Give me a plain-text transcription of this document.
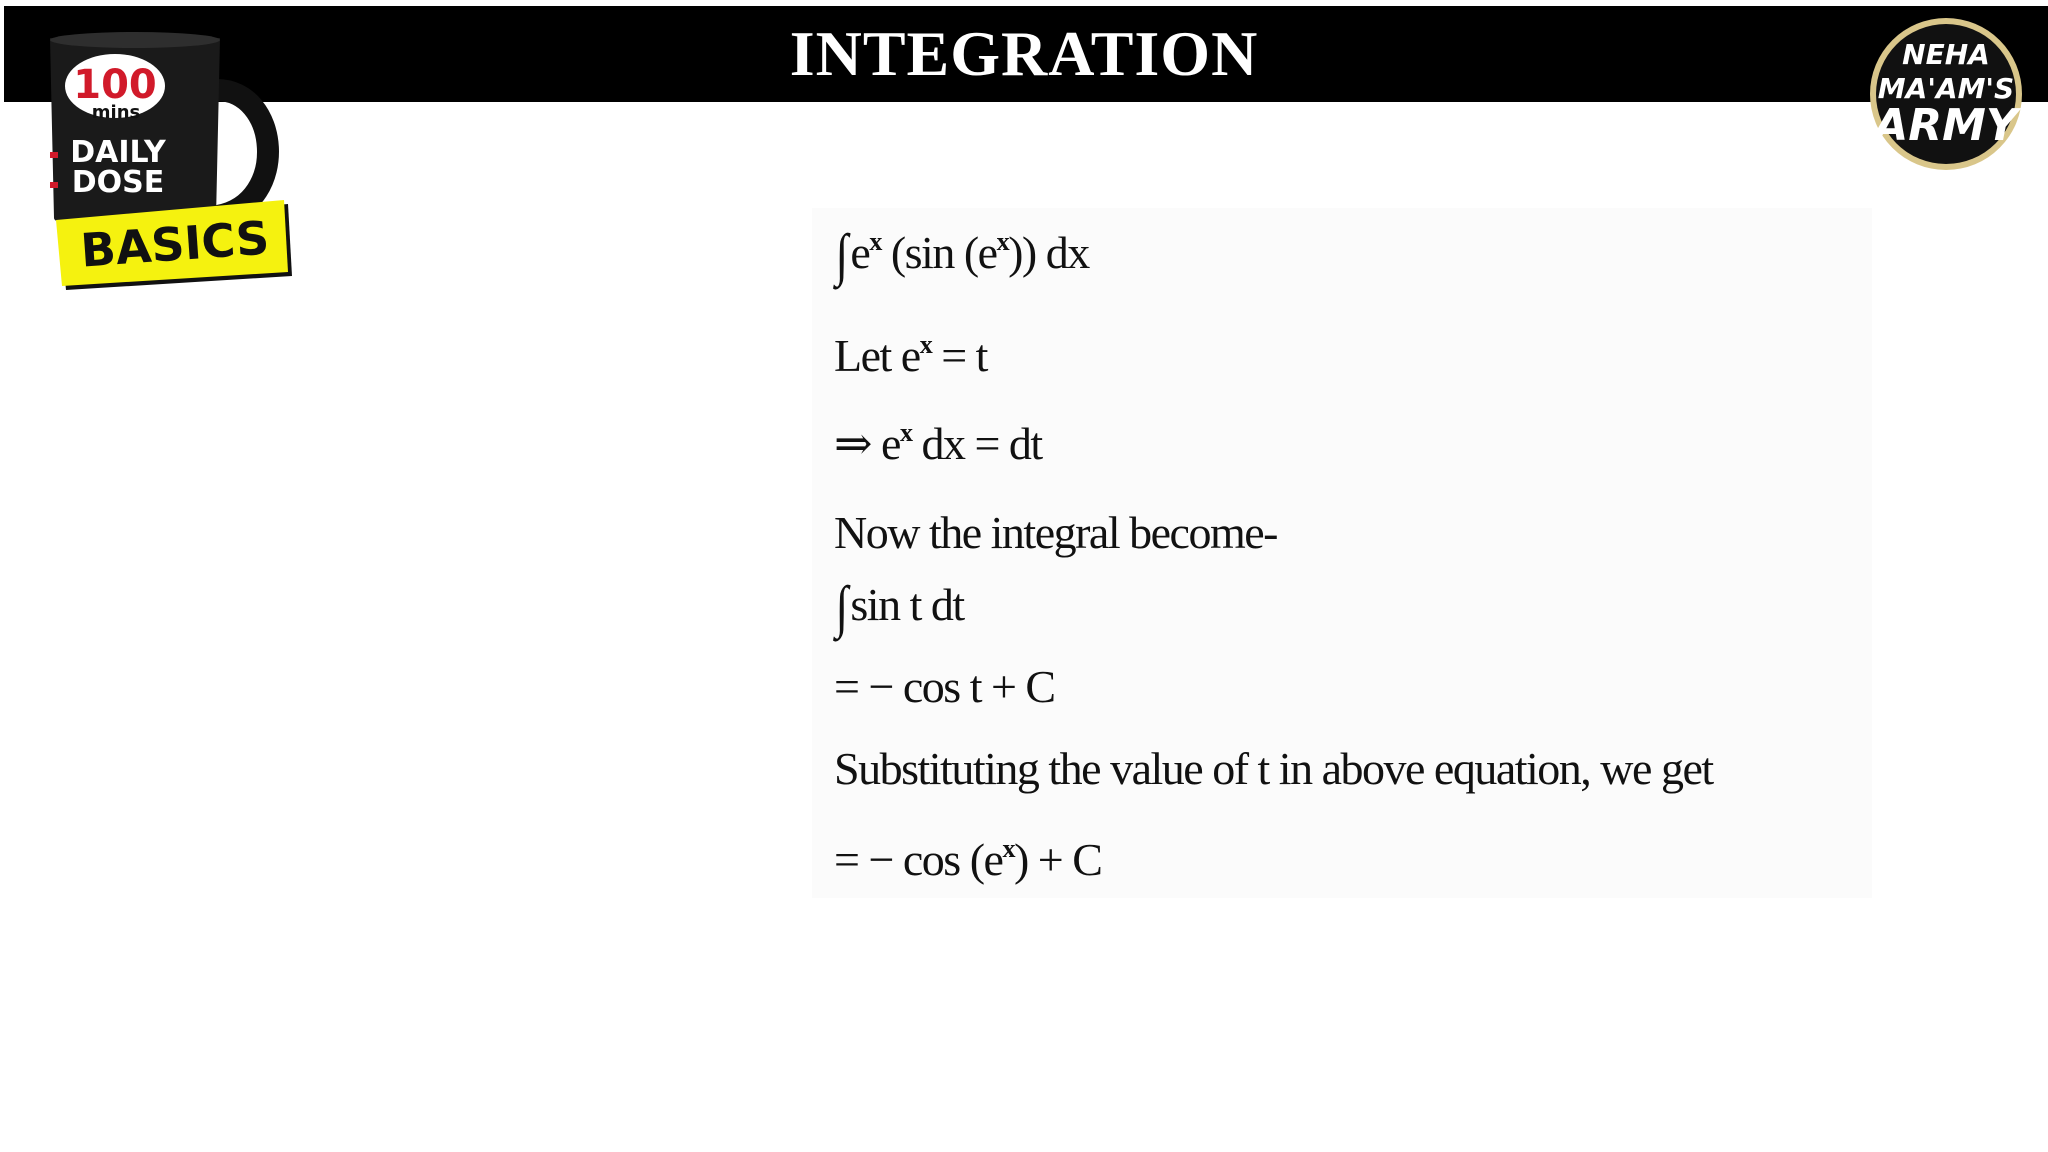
INTEGRATION
100
mins
DAILY
DOSE
BASICS
NEHA
MA'AM'S
ARMY
$\int e^x$ (sin $(e^x)$) dx
Let $e^x = t$
⇒ $e^x$ dx = dt
Now the integral become-
∫sin t dt
= − cos t + C
Substituting the value of t in above equation, we get
= − $\cos (e^x) + C$
